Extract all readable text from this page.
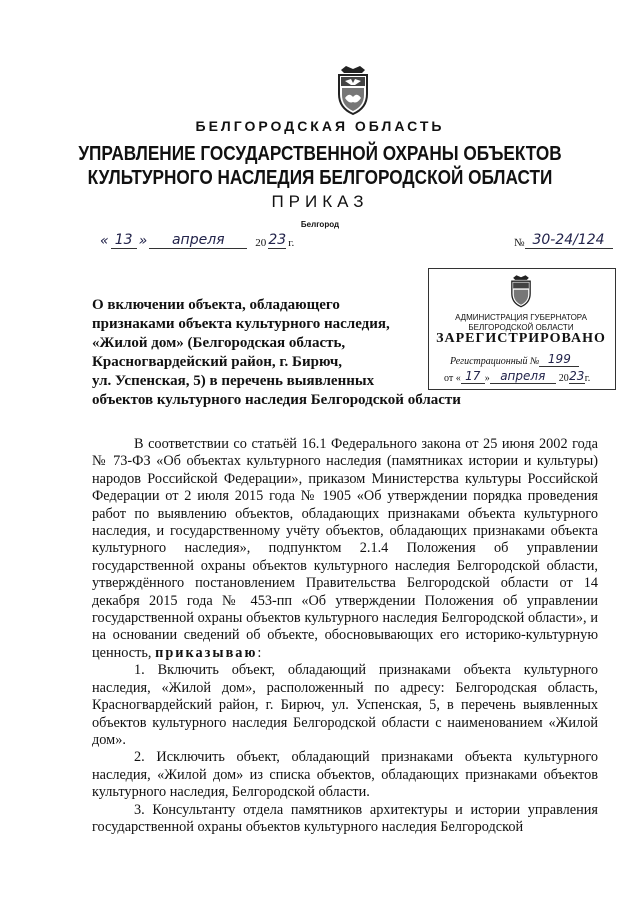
БЕЛГОРОДСКАЯ ОБЛАСТЬ
УПРАВЛЕНИЕ ГОСУДАРСТВЕННОЙ ОХРАНЫ ОБЪЕКТОВ
КУЛЬТУРНОГО НАСЛЕДИЯ БЕЛГОРОДСКОЙ ОБЛАСТИ
ПРИКАЗ
Белгород
« 13 »	апреля	20 23 г.	№ 30-24/124
О включении объекта, обладающего
признаками объекта культурного наследия,
«Жилой дом» (Белгородская область,
Красногвардейский район, г. Бирюч,
ул. Успенская, 5) в перечень выявленных
объектов культурного наследия Белгородской области
АДМИНИСТРАЦИЯ ГУБЕРНАТОРА
БЕЛГОРОДСКОЙ ОБЛАСТИ
ЗАРЕГИСТРИРОВАНО
Регистрационный № 199
от « 17 » апреля	20 23 г.

В соответствии со статьёй 16.1 Федерального закона от 25 июня 2002 года № 73-ФЗ «Об объектах культурного наследия (памятниках истории и культуры) народов Российской Федерации», приказом Министерства культуры Российской Федерации от 2 июля 2015 года № 1905 «Об утверждении порядка проведения работ по выявлению объектов, обладающих признаками объекта культурного наследия, и государственному учёту объектов, обладающих признаками объекта культурного наследия», подпунктом 2.1.4 Положения об управлении государственной охраны объектов культурного наследия Белгородской области, утверждённого постановлением Правительства Белгородской области от 14 декабря 2015 года № 453-пп «Об утверждении Положения об управлении государственной охраны объектов культурного наследия Белгородской области», и на основании сведений об объекте, обосновывающих его историко-культурную ценность, приказываю:

1. Включить объект, обладающий признаками объекта культурного наследия, «Жилой дом», расположенный по адресу: Белгородская область, Красногвардейский район, г. Бирюч, ул. Успенская, 5, в перечень выявленных объектов культурного наследия Белгородской области с наименованием «Жилой дом».

2. Исключить объект, обладающий признаками объекта культурного наследия, «Жилой дом» из списка объектов, обладающих признаками объектов культурного наследия, Белгородской области.

3. Консультанту отдела памятников архитектуры и истории управления государственной охраны объектов культурного наследия Белгородской
